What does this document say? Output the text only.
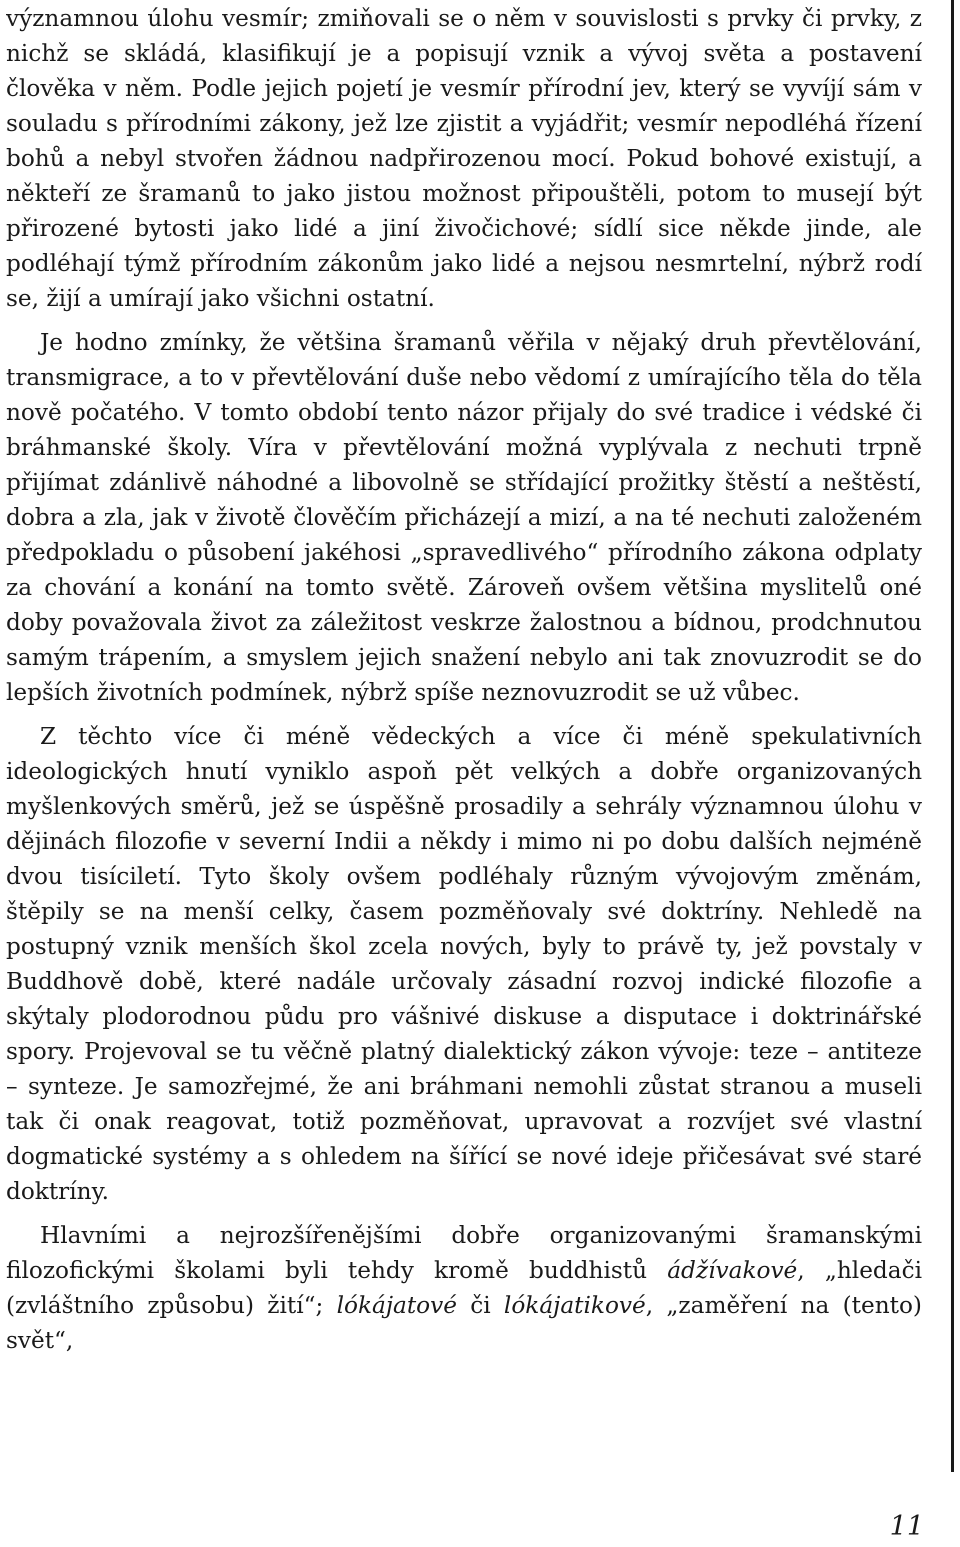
významnou úlohu vesmír; zmiňovali se o něm v souvislosti s prvky či prvky, z nichž se skládá, klasifikují je a popisují vznik a vývoj světa a postavení člověka v něm. Podle jejich pojetí je vesmír přírodní jev, který se vyvíjí sám v souladu s přírodními zákony, jež lze zjistit a vyjádřit; vesmír nepodléhá řízení bohů a nebyl stvořen žádnou nadpřirozenou mocí. Pokud bohové existují, a někteří ze šramanů to jako jistou možnost připouštěli, potom to musejí být přirozené bytosti jako lidé a jiní živočichové; sídlí sice někde jinde, ale podléhají týmž přírodním zákonům jako lidé a nejsou nesmrtelní, nýbrž rodí se, žijí a umírají jako všichni ostatní.

Je hodno zmínky, že většina šramanů věřila v nějaký druh převtělování, transmigrace, a to v převtělování duše nebo vědomí z umírajícího těla do těla nově počatého. V tomto období tento názor přijaly do své tradice i védské či bráhmanské školy. Víra v převtělování možná vyplývala z nechuti trpně přijímat zdánlivě náhodné a libovolně se střídající prožitky štěstí a neštěstí, dobra a zla, jak v životě člověčím přicházejí a mizí, a na té nechuti založeném předpokladu o působení jakéhosi „spravedlivého“ přírodního zákona odplaty za chování a konání na tomto světě. Zároveň ovšem většina myslitelů oné doby považovala život za záležitost veskrze žalostnou a bídnou, prodchnutou samým trápením, a smyslem jejich snažení nebylo ani tak znovuzrodit se do lepších životních podmínek, nýbrž spíše neznovuzrodit se už vůbec.

Z těchto více či méně vědeckých a více či méně spekulativních ideologických hnutí vyniklo aspoň pět velkých a dobře organizovaných myšlenkových směrů, jež se úspěšně prosadily a sehrály významnou úlohu v dějinách filozofie v severní Indii a někdy i mimo ni po dobu dalších nejméně dvou tisíciletí. Tyto školy ovšem podléhaly různým vývojovým změnám, štěpily se na menší celky, časem pozměňovaly své doktríny. Nehledě na postupný vznik menších škol zcela nových, byly to právě ty, jež povstaly v Buddhově době, které nadále určovaly zásadní rozvoj indické filozofie a skýtaly plodorodnou půdu pro vášnivé diskuse a disputace i doktrinářské spory. Projevoval se tu věčně platný dialektický zákon vývoje: teze – antiteze – synteze. Je samozřejmé, že ani bráhmani nemohli zůstat stranou a museli tak či onak reagovat, totiž pozměňovat, upravovat a rozvíjet své vlastní dogmatické systémy a s ohledem na šířící se nové ideje přičesávat své staré doktríny.

Hlavními a nejrozšířenějšími dobře organizovanými šramanskými filozofickými školami byli tehdy kromě buddhistů ádžívakové, „hledači (zvláštního způsobu) žití“; lókájatové či lókájatikové, „zaměření na (tento) svět“,

11
